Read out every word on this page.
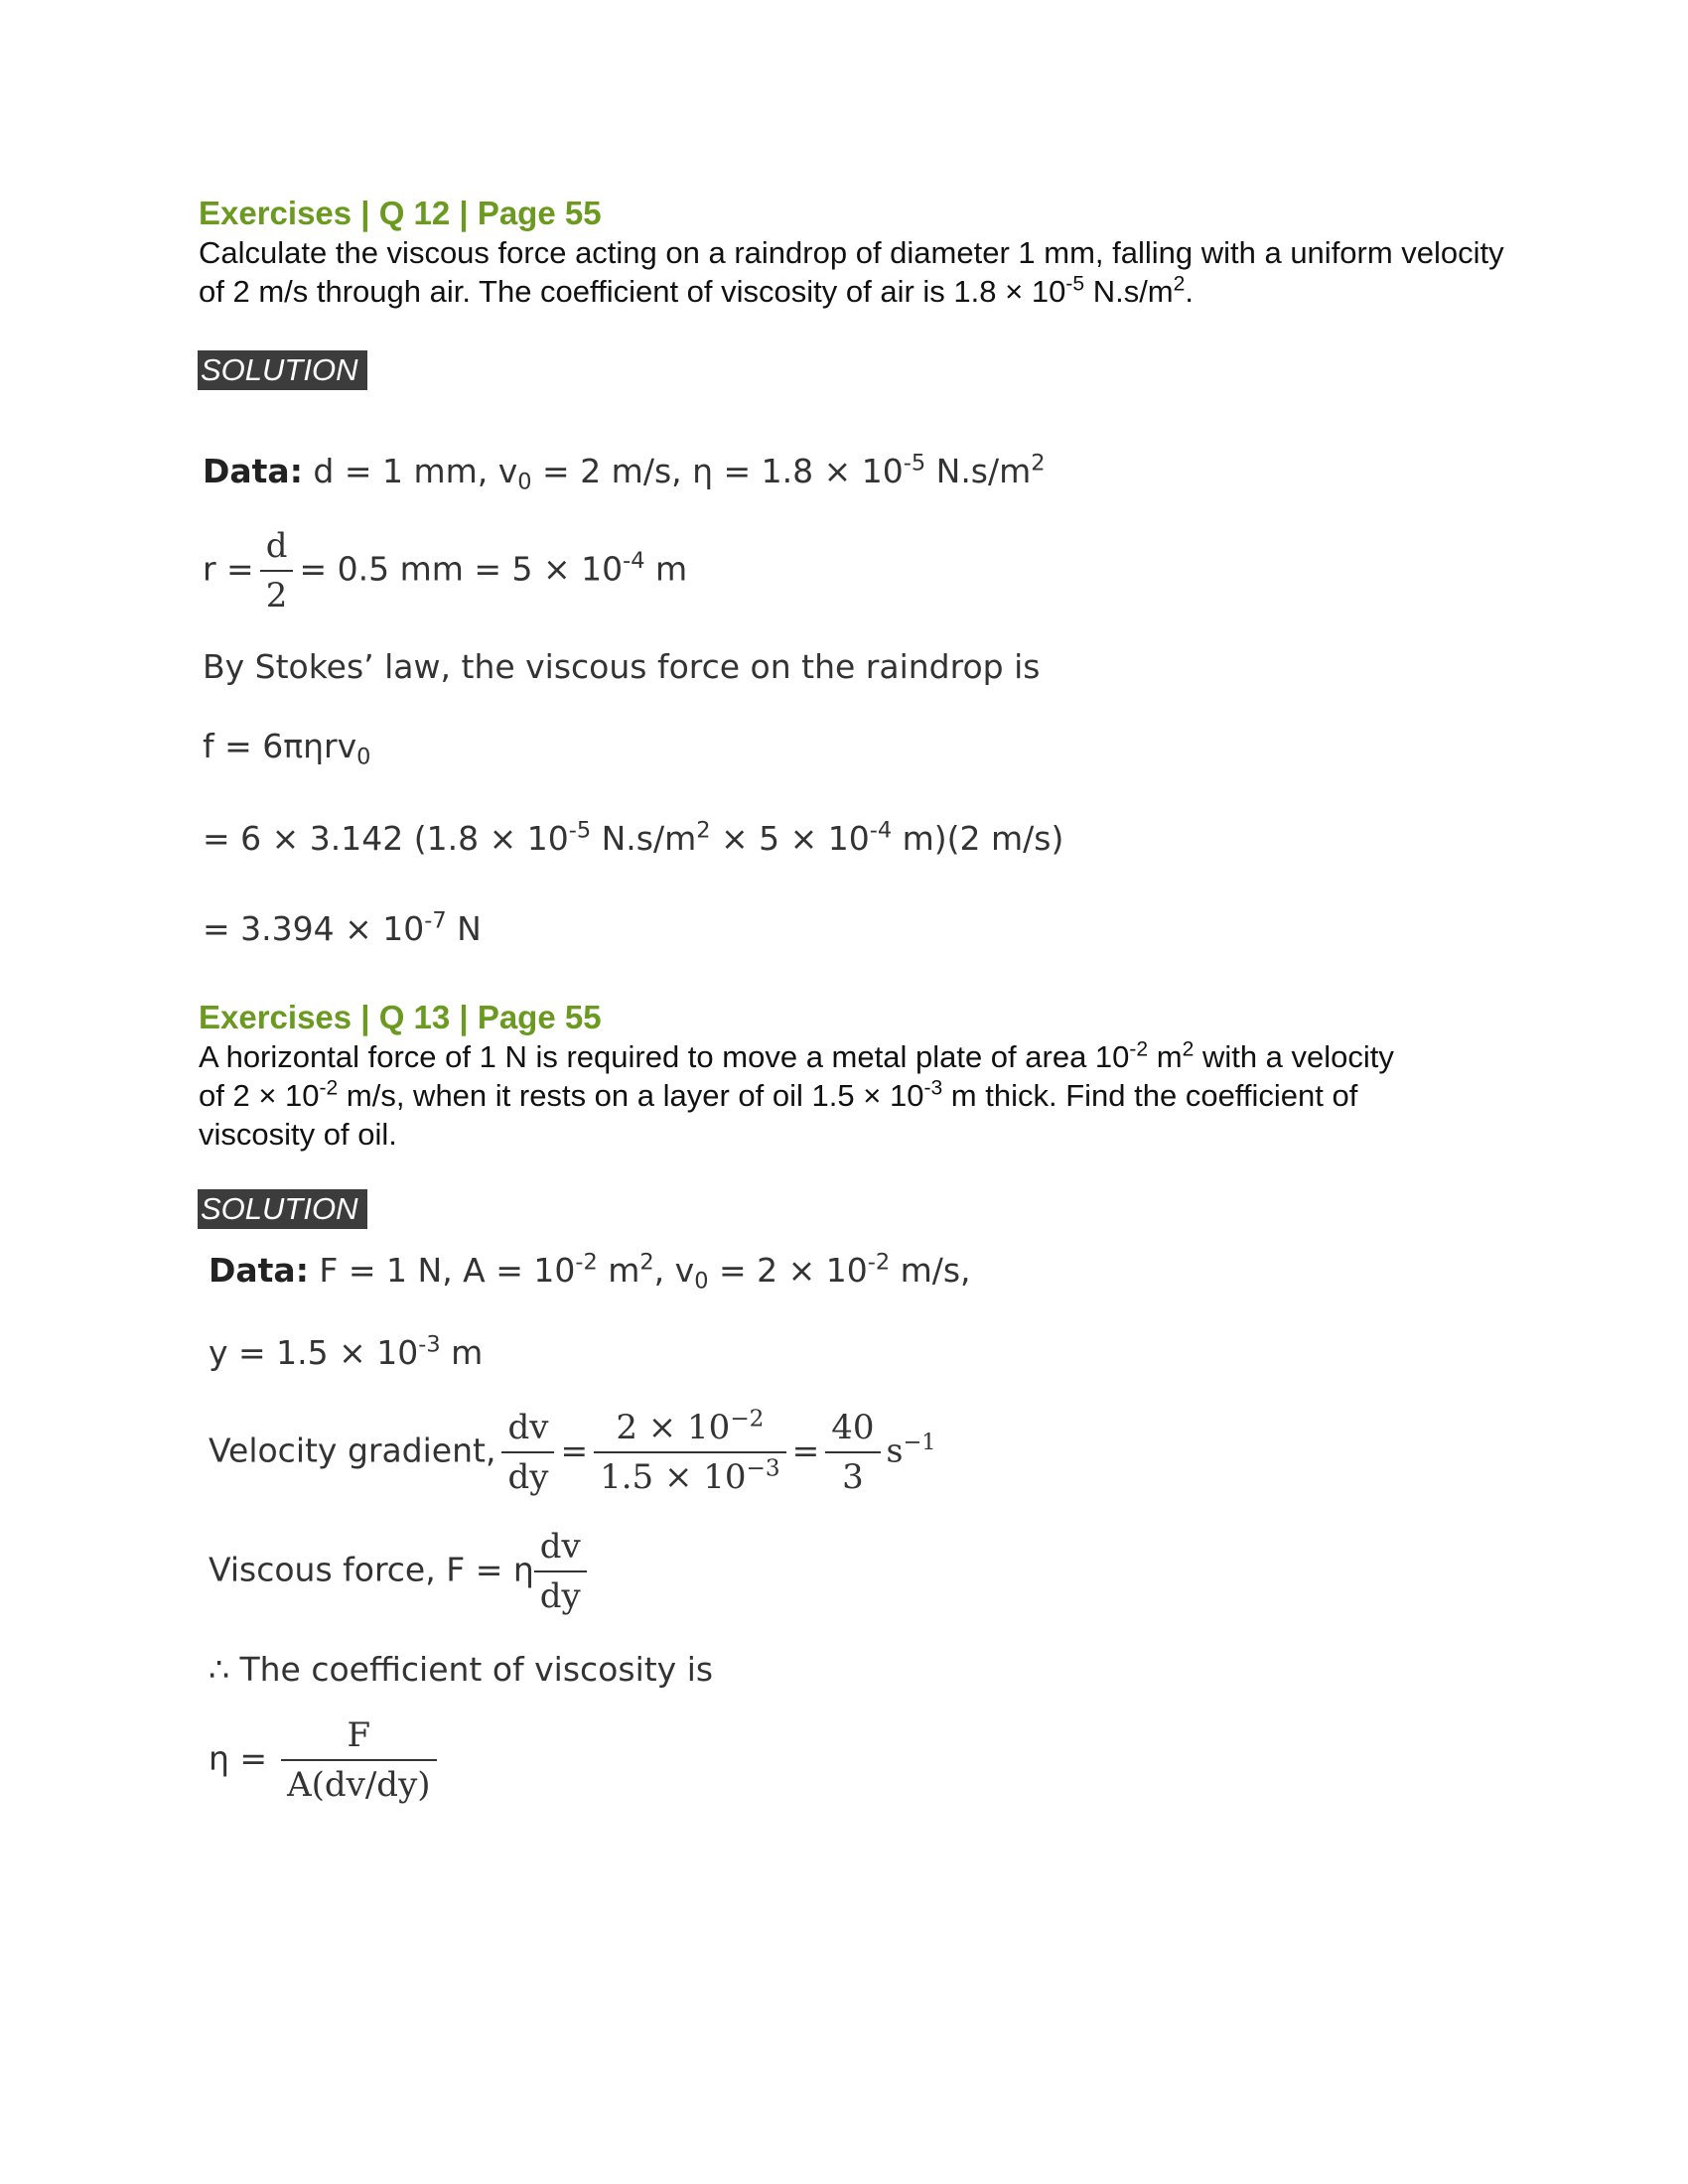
Exercises | Q 12 | Page 55
Calculate the viscous force acting on a raindrop of diameter 1 mm, falling with a uniform velocity of 2 m/s through air. The coefficient of viscosity of air is $1.8 \times 10^{-5}$ $N.s/m^2$.
SOLUTION
Data: d = 1 mm, $v_0 = 2$ m/s, $\eta = 1.8 \times 10^{-5}$ $N.s/m^2$
$r = \frac{d}{2} = 0.5$ mm = $5 \times 10^{-4}$ m
By Stokes’ law, the viscous force on the raindrop is
f = 6πηrv$_0$
= 6 × 3.142 ($1.8 \times 10^{-5}$ $N.s/m^2 \times 5 \times 10^{-4}$ m)(2 m/s)
= $3.394 \times 10^{-7}$ N
Exercises | Q 13 | Page 55
A horizontal force of 1 N is required to move a metal plate of area $10^{-2}$ $m^2$ with a velocity
of $2 \times 10^{-2}$ m/s, when it rests on a layer of oil $1.5 \times 10^{-3}$ m thick. Find the coefficient of
viscosity of oil.
SOLUTION
Data: F = 1 N, $A = 10^{-2}$ $m^2$, $v_0 = 2 \times 10^{-2}$ m/s,
$y = 1.5 \times 10^{-3}$ m
Velocity gradient, $\frac{dv}{dy} = \frac{2 \times 10^{-2}}{1.5 \times 10^{-3}} = \frac{40}{3} s^{-1}$
Viscous force, F = η $\frac{dv}{dy}$
∴ The coefficient of viscosity is
$\eta = \frac{F}{A(dv/dy)}$
